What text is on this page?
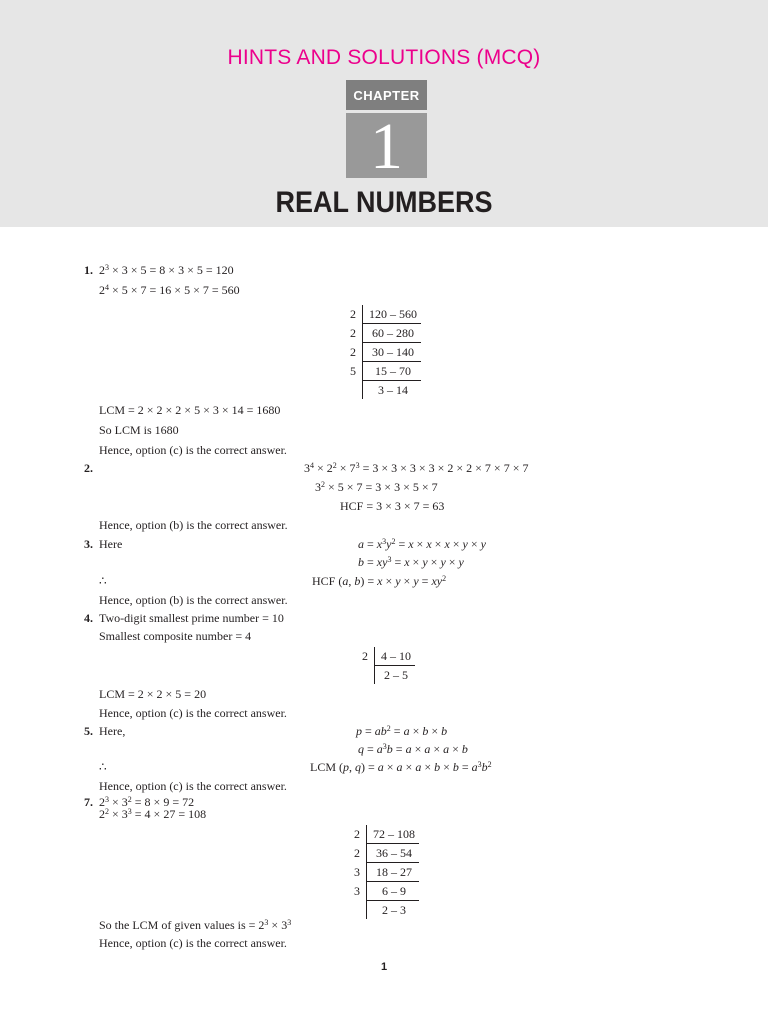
HINTS AND SOLUTIONS (MCQ)
CHAPTER
1
REAL NUMBERS
1. $2^3 \times 3 \times 5 = 8 \times 3 \times 5 = 120$
$2^4 \times 5 \times 7 = 16 \times 5 \times 7 = 560$
2	120 – 560
2	60 – 280
2	30 – 140
5	15 – 70
	3 – 14
LCM = 2 × 2 × 2 × 5 × 3 × 14 = 1680
So LCM is 1680
Hence, option (c) is the correct answer.
2.	$3^4 \times 2^2 \times 7^3 = 3 \times 3 \times 3 \times 3 \times 2 \times 2 \times 7 \times 7 \times 7$
$3^2 \times 5 \times 7 = 3 \times 3 \times 5 \times 7$
HCF = 3 × 3 × 7 = 63
Hence, option (b) is the correct answer.
3. Here	$a = x^3y^2 = x \times x \times x \times y \times y$
$b = xy^3 = x \times y \times y \times y$
∴	HCF (a, $b) = x \times y \times y = xy^2$
Hence, option (b) is the correct answer.
4. Two-digit smallest prime number = 10
Smallest composite number = 4
2	4 – 10
	2 – 5
LCM = 2 × 2 × 5 = 20
Hence, option (c) is the correct answer.
5. Here,	$p = ab^2 = a \times b \times b$
$q = a^3b = a \times a \times a \times b$
∴	LCM (p, $q) = a \times a \times a \times b \times b = a^3b^2$
Hence, option (c) is the correct answer.
7. $2^3 \times 3^2 = 8 \times 9 = 72$
$2^2 \times 3^3 = 4 \times 27 = 108$
2	72 – 108
2	36 – 54
3	18 – 27
3	6 – 9
	2 – 3
So the LCM of given values is = $2^3 \times 3^3$
Hence, option (c) is the correct answer.
1
